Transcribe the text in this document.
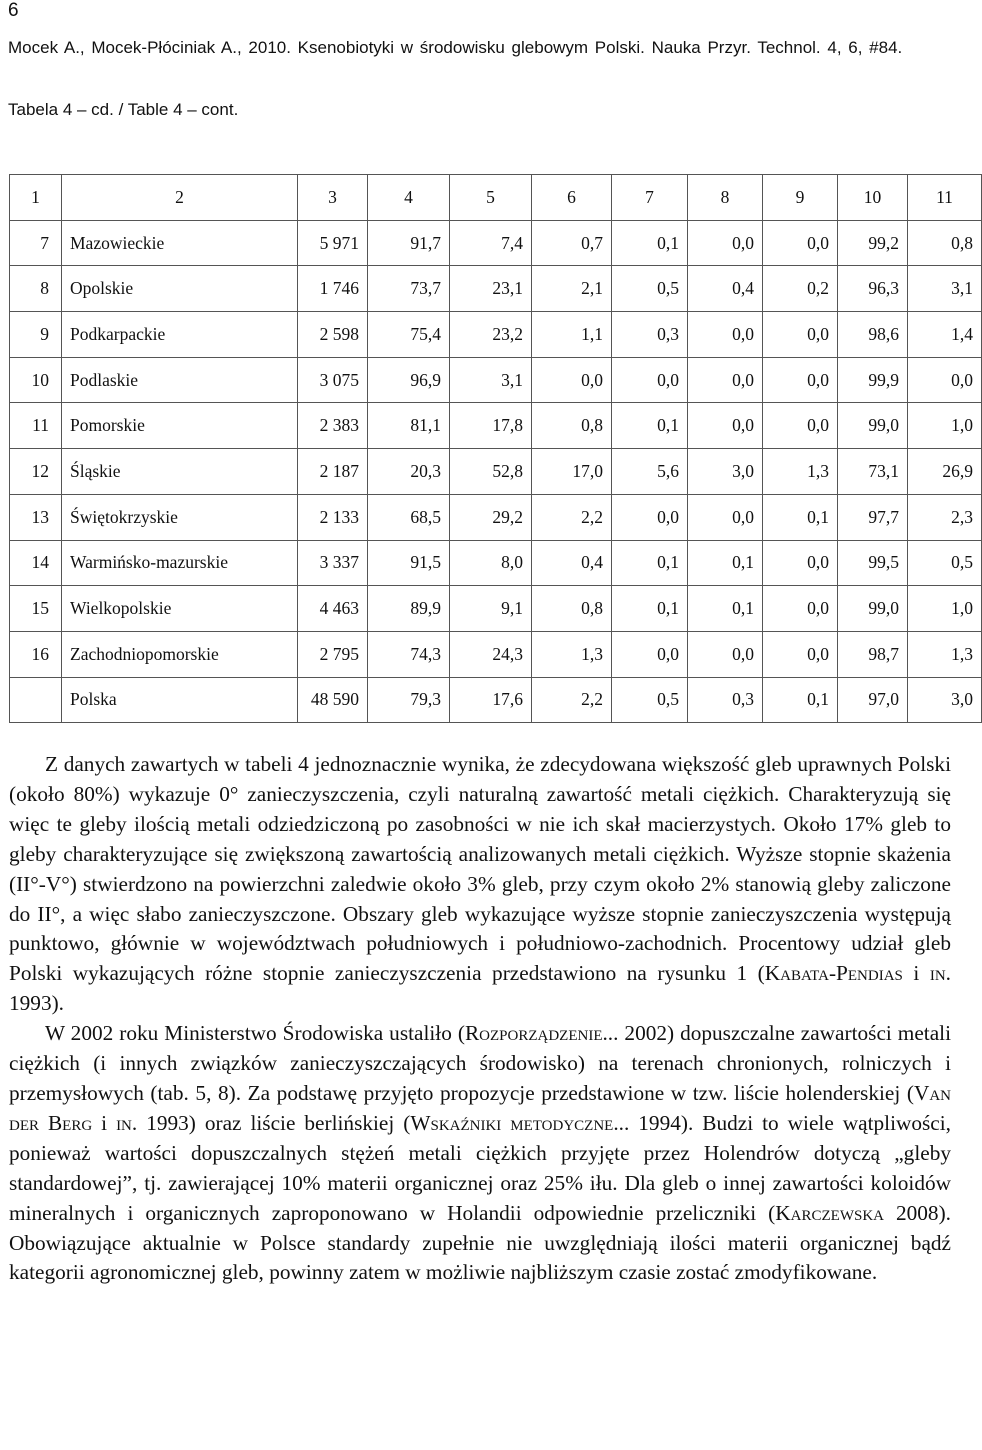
6
Mocek A., Mocek-Płóciniak A., 2010. Ksenobiotyki w środowisku glebowym Polski. Nauka Przyr. Technol. 4, 6, #84.
Tabela 4 – cd. / Table 4 – cont.
1	2	3	4	5	6	7	8	9	10	11
7	Mazowieckie	5 971	91,7	7,4	0,7	0,1	0,0	0,0	99,2	0,8
8	Opolskie	1 746	73,7	23,1	2,1	0,5	0,4	0,2	96,3	3,1
9	Podkarpackie	2 598	75,4	23,2	1,1	0,3	0,0	0,0	98,6	1,4
10	Podlaskie	3 075	96,9	3,1	0,0	0,0	0,0	0,0	99,9	0,0
11	Pomorskie	2 383	81,1	17,8	0,8	0,1	0,0	0,0	99,0	1,0
12	Śląskie	2 187	20,3	52,8	17,0	5,6	3,0	1,3	73,1	26,9
13	Świętokrzyskie	2 133	68,5	29,2	2,2	0,0	0,0	0,1	97,7	2,3
14	Warmińsko-mazurskie	3 337	91,5	8,0	0,4	0,1	0,1	0,0	99,5	0,5
15	Wielkopolskie	4 463	89,9	9,1	0,8	0,1	0,1	0,0	99,0	1,0
16	Zachodniopomorskie	2 795	74,3	24,3	1,3	0,0	0,0	0,0	98,7	1,3
	Polska	48 590	79,3	17,6	2,2	0,5	0,3	0,1	97,0	3,0

Z danych zawartych w tabeli 4 jednoznacznie wynika, że zdecydowana większość gleb uprawnych Polski (około 80%) wykazuje 0° zanieczyszczenia, czyli naturalną zawartość metali ciężkich. Charakteryzują się więc te gleby ilością metali odziedziczoną po zasobności w nie ich skał macierzystych. Około 17% gleb to gleby charakteryzujące się zwiększoną zawartością analizowanych metali ciężkich. Wyższe stopnie skażenia (II°-V°) stwierdzono na powierzchni zaledwie około 3% gleb, przy czym około 2% stanowią gleby zaliczone do II°, a więc słabo zanieczyszczone. Obszary gleb wykazujące wyższe stopnie zanieczyszczenia występują punktowo, głównie w województwach południowych i południowo-zachodnich. Procentowy udział gleb Polski wykazujących różne stopnie zanieczyszczenia przedstawiono na rysunku 1 (Kabata-Pendias i in. 1993).

W 2002 roku Ministerstwo Środowiska ustaliło (Rozporządzenie... 2002) dopuszczalne zawartości metali ciężkich (i innych związków zanieczyszczających środowisko) na terenach chronionych, rolniczych i przemysłowych (tab. 5, 8). Za podstawę przyjęto propozycje przedstawione w tzw. liście holenderskiej (Van der Berg i in. 1993) oraz liście berlińskiej (Wskaźniki metodyczne... 1994). Budzi to wiele wątpliwości, ponieważ wartości dopuszczalnych stężeń metali ciężkich przyjęte przez Holendrów dotyczą „gleby standardowej”, tj. zawierającej 10% materii organicznej oraz 25% iłu. Dla gleb o innej zawartości koloidów mineralnych i organicznych zaproponowano w Holandii odpowiednie przeliczniki (Karczewska 2008). Obowiązujące aktualnie w Polsce standardy zupełnie nie uwzględniają ilości materii organicznej bądź kategorii agronomicznej gleb, powinny zatem w możliwie najbliższym czasie zostać zmodyfikowane.
